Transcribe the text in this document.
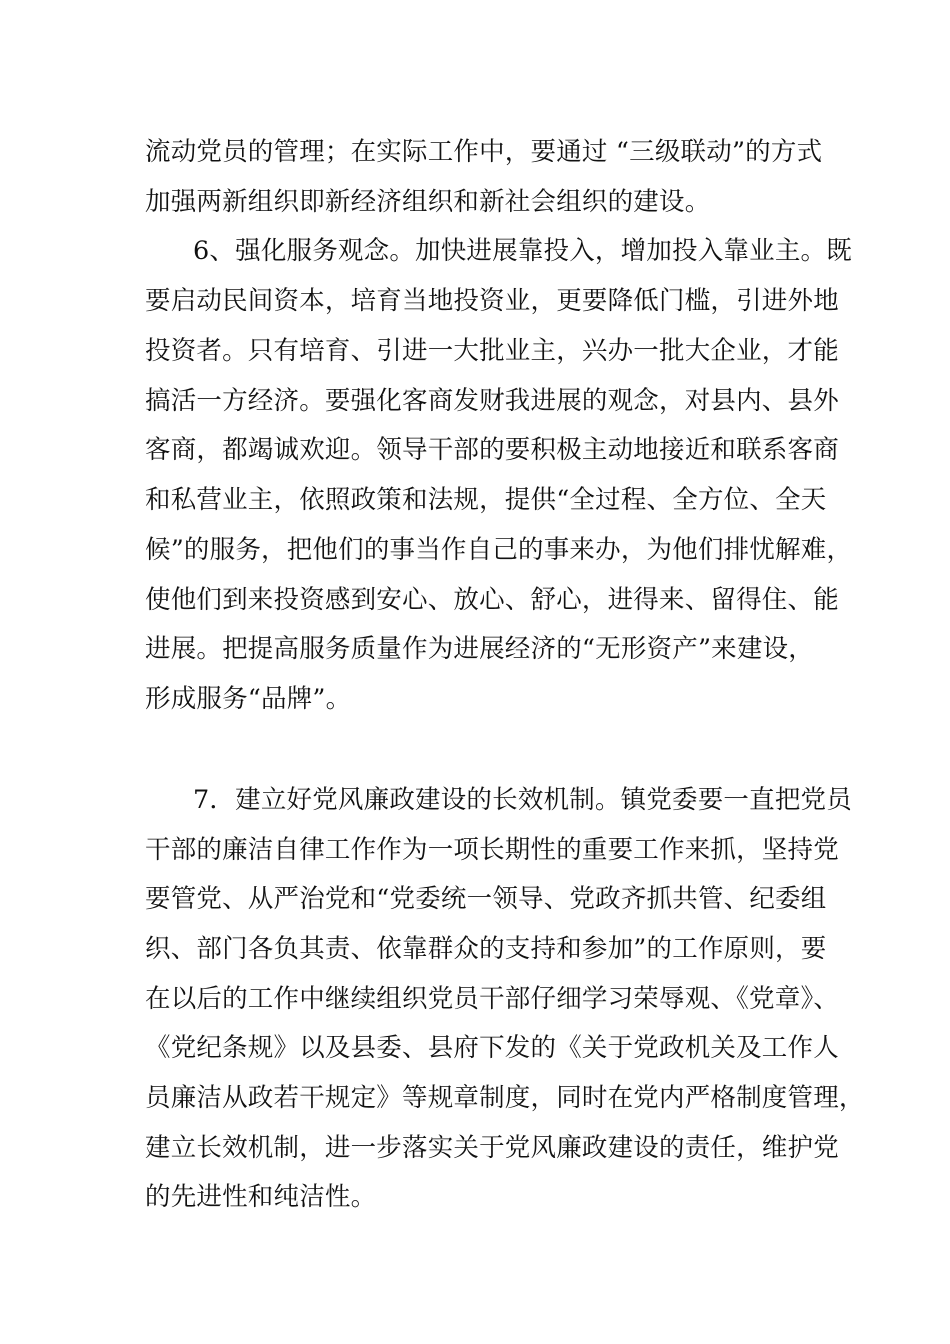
流动党员的管理；在实际工作中，要通过 “三级联动”的方式

加强两新组织即新经济组织和新社会组织的建设。

6、强化服务观念。加快进展靠投入，增加投入靠业主。既

要启动民间资本，培育当地投资业，更要降低门槛，引进外地

投资者。只有培育、引进一大批业主，兴办一批大企业，才能

搞活一方经济。要强化客商发财我进展的观念，对县内、县外

客商，都竭诚欢迎。领导干部的要积极主动地接近和联系客商

和私营业主，依照政策和法规，提供“全过程、全方位、全天

候”的服务，把他们的事当作自己的事来办，为他们排忧解难，

使他们到来投资感到安心、放心、舒心，进得来、留得住、能

进展。把提高服务质量作为进展经济的“无形资产”来建设，

形成服务“品牌”。

7．建立好党风廉政建设的长效机制。镇党委要一直把党员

干部的廉洁自律工作作为一项长期性的重要工作来抓，坚持党

要管党、从严治党和“党委统一领导、党政齐抓共管、纪委组

织、部门各负其责、依靠群众的支持和参加”的工作原则，要

在以后的工作中继续组织党员干部仔细学习荣辱观、《党章》、

《党纪条规》以及县委、县府下发的《关于党政机关及工作人

员廉洁从政若干规定》等规章制度，同时在党内严格制度管理，

建立长效机制，进一步落实关于党风廉政建设的责任，维护党

的先进性和纯洁性。
